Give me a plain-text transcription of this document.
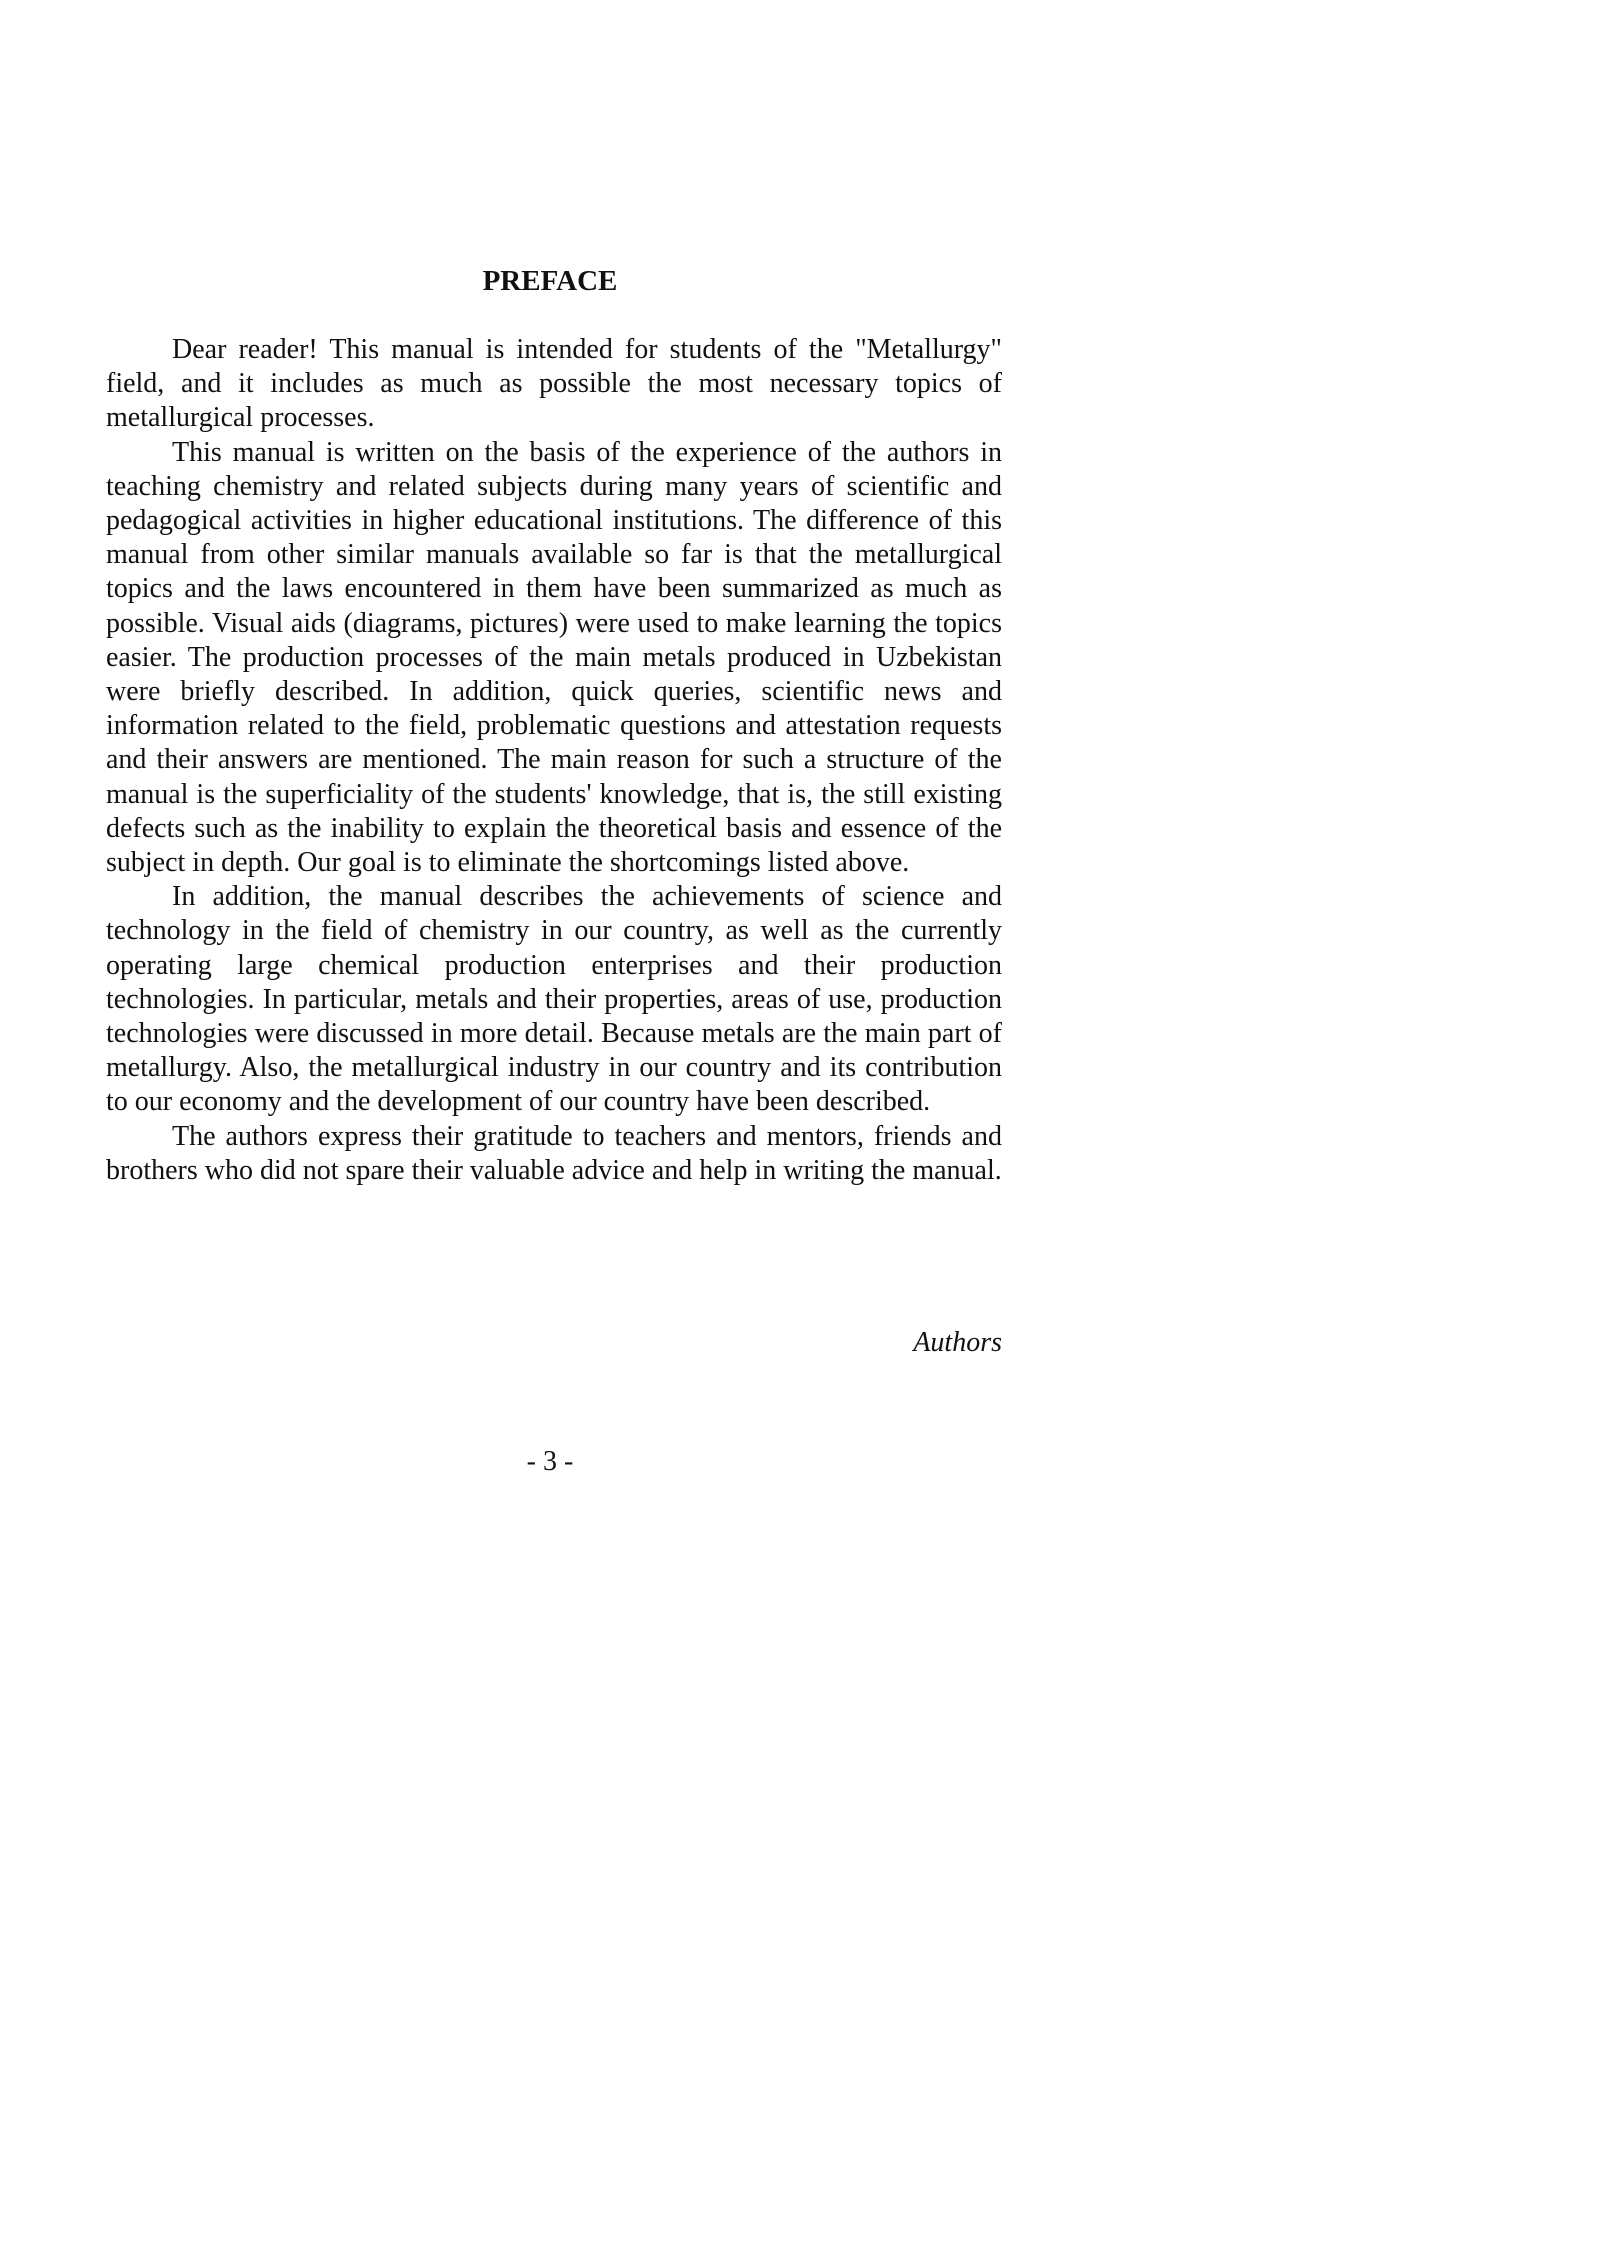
PREFACE

Dear reader! This manual is intended for students of the "Metallurgy" field, and it includes as much as possible the most necessary topics of metallurgical processes.

This manual is written on the basis of the experience of the authors in teaching chemistry and related subjects during many years of scientific and pedagogical activities in higher educational institutions. The difference of this manual from other similar manuals available so far is that the metallurgical topics and the laws encountered in them have been summarized as much as possible. Visual aids (diagrams, pictures) were used to make learning the topics easier. The production processes of the main metals produced in Uzbekistan were briefly described. In addition, quick queries, scientific news and information related to the field, problematic questions and attestation requests and their answers are mentioned. The main reason for such a structure of the manual is the superficiality of the students' knowledge, that is, the still existing defects such as the inability to explain the theoretical basis and essence of the subject in depth. Our goal is to eliminate the shortcomings listed above.

In addition, the manual describes the achievements of science and technology in the field of chemistry in our country, as well as the currently operating large chemical production enterprises and their production technologies. In particular, metals and their properties, areas of use, production technologies were discussed in more detail. Because metals are the main part of metallurgy. Also, the metallurgical industry in our country and its contribution to our economy and the development of our country have been described.

The authors express their gratitude to teachers and mentors, friends and brothers who did not spare their valuable advice and help in writing the manual.

Authors
- 3 -
